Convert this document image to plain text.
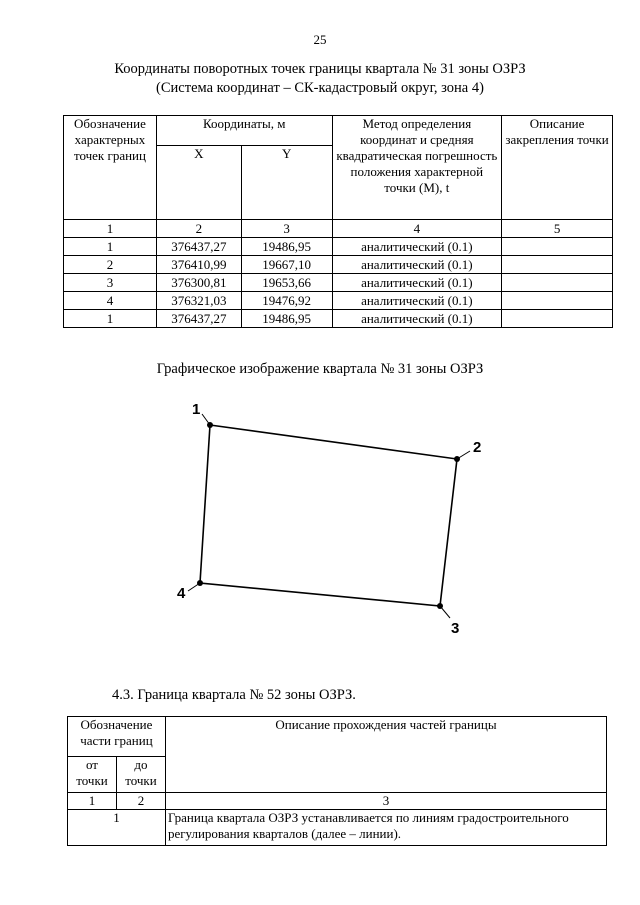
25
Координаты поворотных точек границы квартала № 31 зоны ОЗРЗ
(Система координат – СК-кадастровый округ, зона 4)
Обозначение характерных точек границ	Координаты, м		Метод определения координат и средняя квадратическая погрешность положения характерной точки (M), t	Описание закрепления точки
	X	Y		
1	2	3	4	5
1	376437,27	19486,95	аналитический (0.1)	
2	376410,99	19667,10	аналитический (0.1)	
3	376300,81	19653,66	аналитический (0.1)	
4	376321,03	19476,92	аналитический (0.1)	
1	376437,27	19486,95	аналитический (0.1)	
Графическое изображение квартала № 31 зоны ОЗРЗ
1
2
3
4
4.3. Граница квартала № 52 зоны ОЗРЗ.
Обозначение части границ		Описание прохождения частей границы
от точки	до точки	
1	2	3
1		Граница квартала ОЗРЗ устанавливается по линиям градостроительного регулирования кварталов (далее – линии).
